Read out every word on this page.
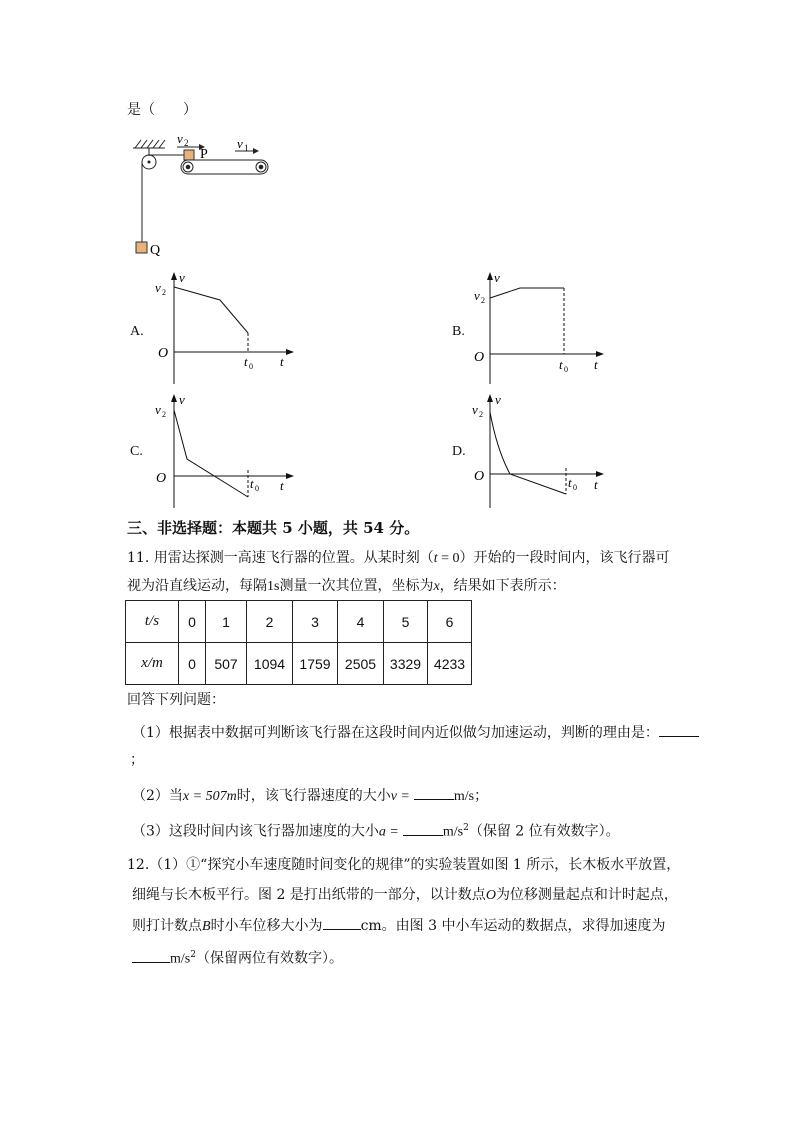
是（　　）
v 2
P
v 1
Q
A.
v
v 2
O
t 0 t
B.
v
v 2
O	t 0 t
C.
v
v 2
O	t 0 t
D.
v
v 2
O	t 0 t
三、非选择题：本题共 5 小题，共 54 分。
11. 用雷达探测一高速飞行器的位置。从某时刻（t = 0）开始的一段时间内，该飞行器可
视为沿直线运动，每隔1s测量一次其位置，坐标为x，结果如下表所示：
t/s	0	1	2	3	4	5	6
x/m	0	507	1094	1759	2505	3329	4233
回答下列问题：
（1）根据表中数据可判断该飞行器在这段时间内近似做匀加速运动，判断的理由是：
；
（2）当x = 507m时，该飞行器速度的大小v =	m/s；
（3）这段时间内该飞行器加速度的大小a =	$m/s^2$（保留 2 位有效数字）。
12.（1）①“探究小车速度随时间变化的规律”的实验装置如图 1 所示，长木板水平放置，
细绳与长木板平行。图 2 是打出纸带的一部分，以计数点O为位移测量起点和计时起点，
则打计数点B时小车位移大小为	cm。由图 3 中小车运动的数据点，求得加速度为
$m/s^2$（保留两位有效数字）。
